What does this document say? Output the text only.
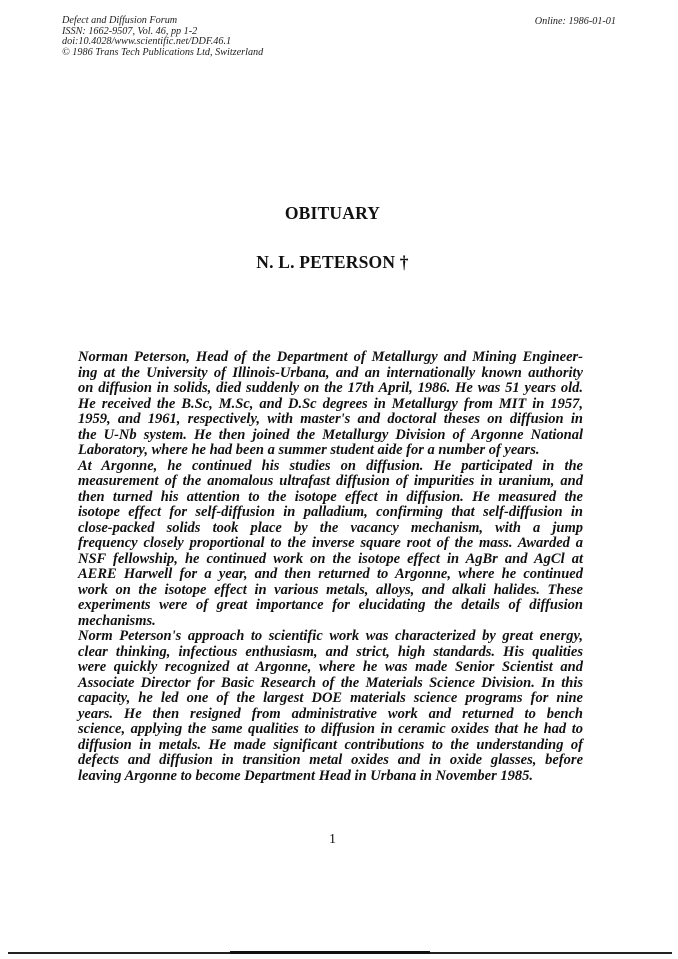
Defect and Diffusion Forum
ISSN: 1662-9507, Vol. 46, pp 1-2
doi:10.4028/www.scientific.net/DDF.46.1
© 1986 Trans Tech Publications Ltd, Switzerland
Online: 1986-01-01
OBITUARY
N. L. PETERSON †
Norman Peterson, Head of the Department of Metallurgy and Mining Engineer-
ing at the University of Illinois-Urbana, and an internationally known authority
on diffusion in solids, died suddenly on the 17th April, 1986. He was 51 years old.
He received the B.Sc, M.Sc, and D.Sc degrees in Metallurgy from MIT in 1957,
1959, and 1961, respectively, with master's and doctoral theses on diffusion in
the U-Nb system. He then joined the Metallurgy Division of Argonne National
Laboratory, where he had been a summer student aide for a number of years.
At Argonne, he continued his studies on diffusion. He participated in the
measurement of the anomalous ultrafast diffusion of impurities in uranium, and
then turned his attention to the isotope effect in diffusion. He measured the
isotope effect for self-diffusion in palladium, confirming that self-diffusion in
close-packed solids took place by the vacancy mechanism, with a jump
frequency closely proportional to the inverse square root of the mass. Awarded a
NSF fellowship, he continued work on the isotope effect in AgBr and AgCl at
AERE Harwell for a year, and then returned to Argonne, where he continued
work on the isotope effect in various metals, alloys, and alkali halides. These
experiments were of great importance for elucidating the details of diffusion
mechanisms.
Norm Peterson's approach to scientific work was characterized by great energy,
clear thinking, infectious enthusiasm, and strict, high standards. His qualities
were quickly recognized at Argonne, where he was made Senior Scientist and
Associate Director for Basic Research of the Materials Science Division. In this
capacity, he led one of the largest DOE materials science programs for nine
years. He then resigned from administrative work and returned to bench
science, applying the same qualities to diffusion in ceramic oxides that he had to
diffusion in metals. He made significant contributions to the understanding of
defects and diffusion in transition metal oxides and in oxide glasses, before
leaving Argonne to become Department Head in Urbana in November 1985.
1
